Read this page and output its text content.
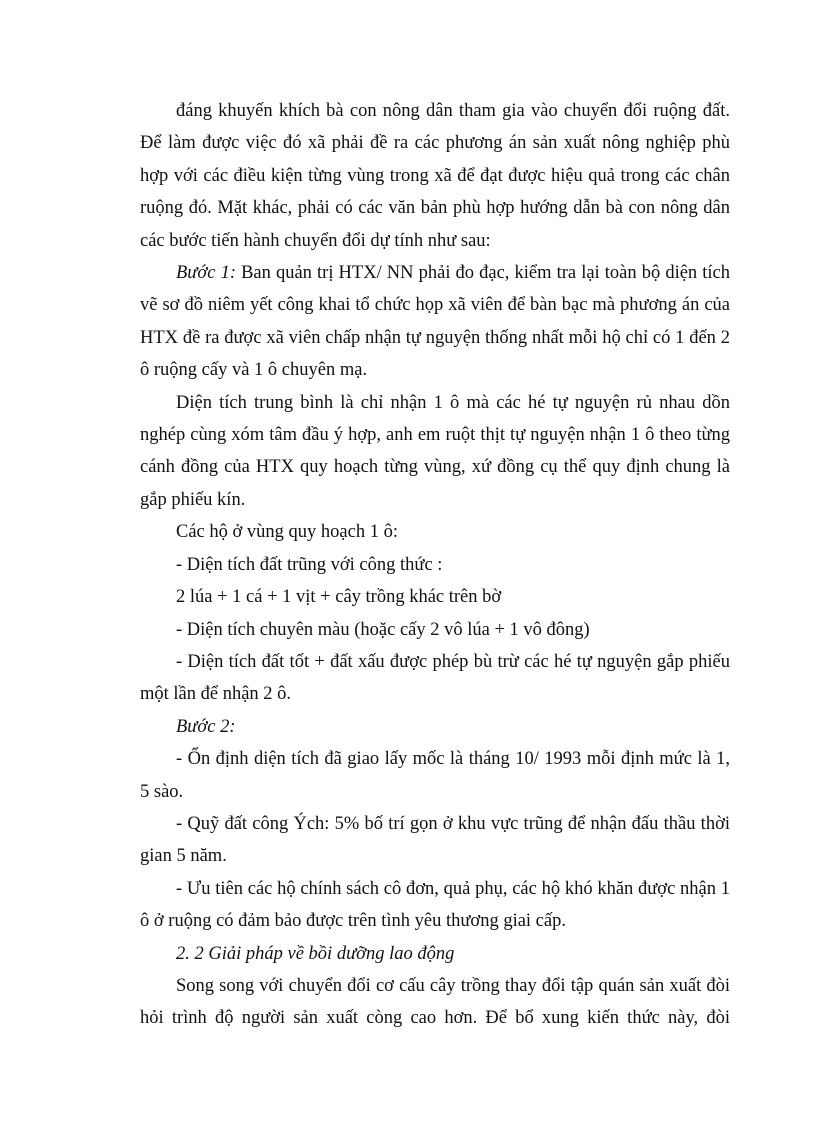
đáng khuyến khích bà con nông dân tham gia vào chuyển đổi ruộng đất. Để làm được việc đó xã phải đề ra các phương án sản xuất nông nghiệp phù hợp với các điều kiện từng vùng trong xã để đạt được hiệu quả trong các chân ruộng đó. Mặt khác, phải có các văn bản phù hợp hướng dẫn bà con nông dân các bước tiến hành chuyển đổi dự tính như sau:

Bước 1: Ban quản trị HTX/ NN phải đo đạc, kiểm tra lại toàn bộ diện tích vẽ sơ đồ niêm yết công khai tổ chức họp xã viên để bàn bạc mà phương án của HTX đề ra được xã viên chấp nhận tự nguyện thống nhất mỗi hộ chỉ có 1 đến 2 ô ruộng cấy và 1 ô chuyên mạ.

Diện tích trung bình là chỉ nhận 1 ô mà các hé tự nguyện rủ nhau dồn nghép cùng xóm tâm đầu ý hợp, anh em ruột thịt tự nguyện nhận 1 ô theo từng cánh đồng của HTX quy hoạch từng vùng, xứ đồng cụ thể quy định chung là gắp phiếu kín.

Các hộ ở vùng quy hoạch 1 ô:

- Diện tích đất trũng với công thức :

2 lúa + 1 cá + 1 vịt + cây trồng khác trên bờ

- Diện tích chuyên màu (hoặc cấy 2 vô lúa + 1 vô đông)

- Diện tích đất tốt + đất xấu được phép bù trừ các hé tự nguyện gắp phiếu một lần để nhận 2 ô.

Bước 2:

- Ổn định diện tích đã giao lấy mốc là tháng 10/ 1993 mỗi định mức là 1, 5 sào.

- Quỹ đất công Ých: 5% bố trí gọn ở khu vực trũng để nhận đấu thầu thời gian 5 năm.

- Ưu tiên các hộ chính sách cô đơn, quả phụ, các hộ khó khăn được nhận 1 ô ở ruộng có đảm bảo được trên tình yêu thương giai cấp.

2. 2 Giải pháp về bồi dưỡng lao động

Song song với chuyển đổi cơ cấu cây trồng thay đổi tập quán sản xuất đòi hỏi trình độ người sản xuất còng cao hơn. Để bổ xung kiến thức này, đòi
